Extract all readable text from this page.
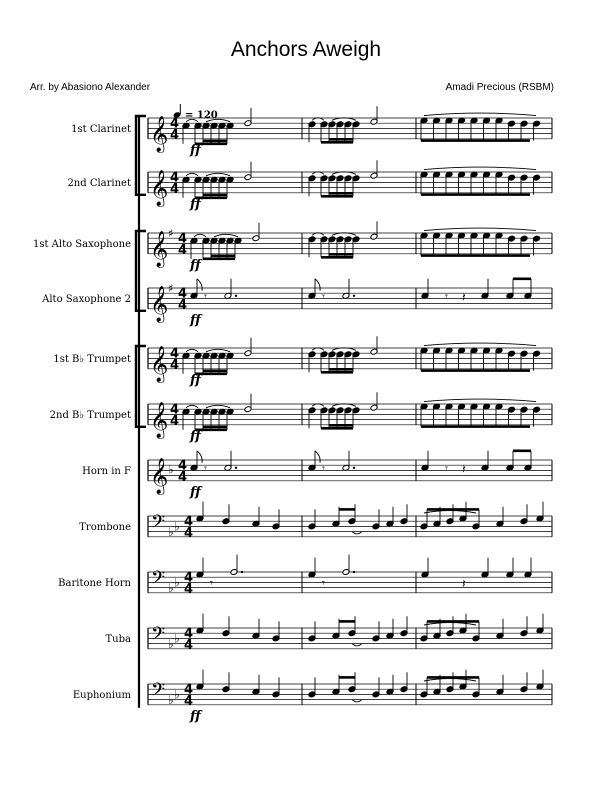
Anchors Aweigh
Arr. by Abasiono Alexander	Amadi Precious (RSBM)
= 120
1st Clarinet 𝄞 4
4
ff
2nd Clarinet 𝄞 4
4
ff
1st Alto Saxophone 𝄞 ♯ 4
4
ff
Alto Saxophone 2 𝄞 ♯ 4
4
𝄾	𝄾	𝄾 𝄽
ff
1st B♭ Trumpet 𝄞 4
4
ff
2nd B♭ Trumpet 𝄞 4
4
ff
Horn in F 𝄞 ♭ 4
4
𝄾	𝄾	𝄾 𝄽
ff
Trombone 𝄢 ♭ ♭ 4
4
Baritone Horn 𝄢 ♭ ♭ 4
4 𝄾	𝄾	𝄽
Tuba 𝄢 ♭ ♭ 4
4
Euphonium 𝄢 ♭ ♭ 4
4
ff
